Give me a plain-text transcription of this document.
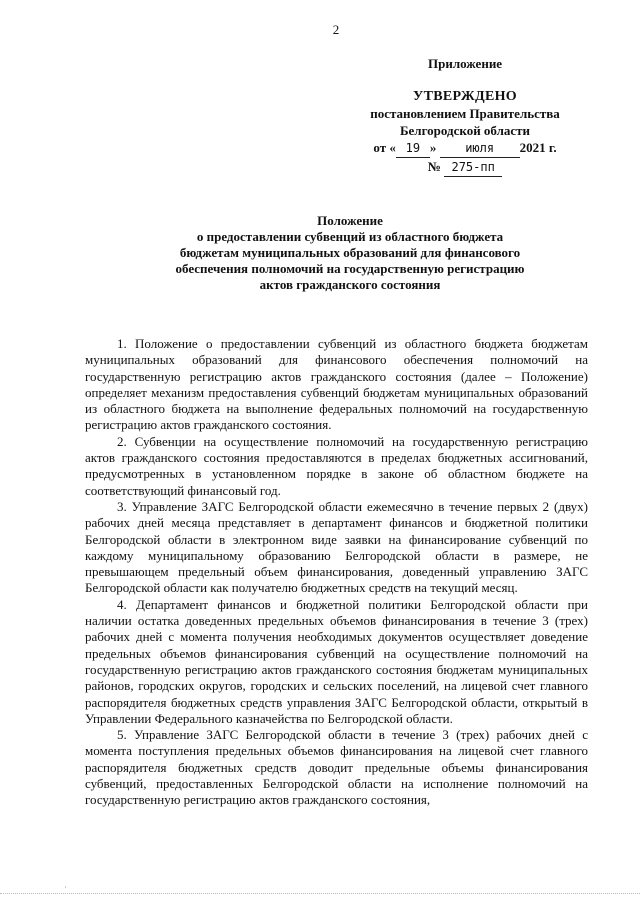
2
Приложение
УТВЕРЖДЕНО
постановлением Правительства
Белгородской области
от « 19 » июля 2021 г.
№ 275-пп
Положение
о предоставлении субвенций из областного бюджета
бюджетам муниципальных образований для финансового
обеспечения полномочий на государственную регистрацию
актов гражданского состояния

1. Положение о предоставлении субвенций из областного бюджета бюджетам муниципальных образований для финансового обеспечения полномочий на государственную регистрацию актов гражданского состояния (далее – Положение) определяет механизм предоставления субвенций бюджетам муниципальных образований из областного бюджета на выполнение федеральных полномочий на государственную регистрацию актов гражданского состояния.

2. Субвенции на осуществление полномочий на государственную регистрацию актов гражданского состояния предоставляются в пределах бюджетных ассигнований, предусмотренных в установленном порядке в законе об областном бюджете на соответствующий финансовый год.

3. Управление ЗАГС Белгородской области ежемесячно в течение первых 2 (двух) рабочих дней месяца представляет в департамент финансов и бюджетной политики Белгородской области в электронном виде заявки на финансирование субвенций по каждому муниципальному образованию Белгородской области в размере, не превышающем предельный объем финансирования, доведенный управлению ЗАГС Белгородской области как получателю бюджетных средств на текущий месяц.

4. Департамент финансов и бюджетной политики Белгородской области при наличии остатка доведенных предельных объемов финансирования в течение 3 (трех) рабочих дней с момента получения необходимых документов осуществляет доведение предельных объемов финансирования субвенций на осуществление полномочий на государственную регистрацию актов гражданского состояния бюджетам муниципальных районов, городских округов, городских и сельских поселений, на лицевой счет главного распорядителя бюджетных средств управления ЗАГС Белгородской области, открытый в Управлении Федерального казначейства по Белгородской области.

5. Управление ЗАГС Белгородской области в течение 3 (трех) рабочих дней с момента поступления предельных объемов финансирования на лицевой счет главного распорядителя бюджетных средств доводит предельные объемы финансирования субвенций, предоставленных Белгородской области на исполнение полномочий на государственную регистрацию актов гражданского состояния,

˙
